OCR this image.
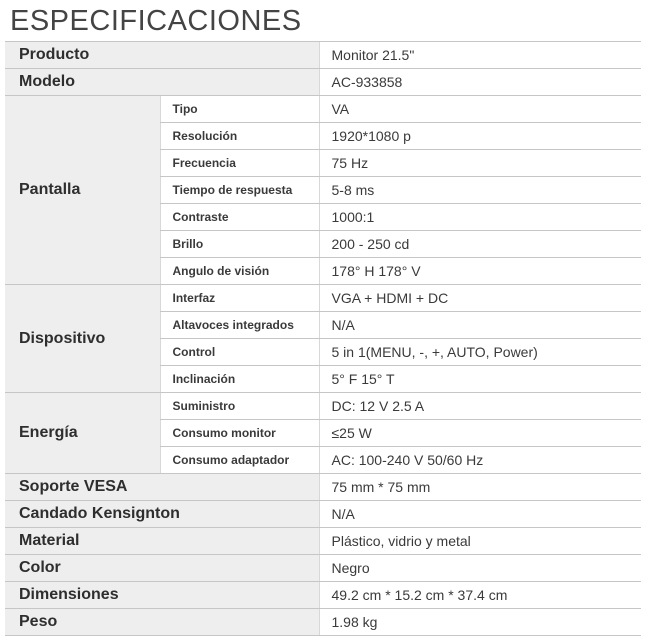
ESPECIFICACIONES
Producto		Monitor 21.5"
Modelo		AC-933858
Pantalla	Tipo	VA
	Resolución	1920*1080 p
	Frecuencia	75 Hz
	Tiempo de respuesta	5-8 ms
	Contraste	1000:1
	Brillo	200 - 250 cd
	Angulo de visión	178° H 178° V
Dispositivo	Interfaz	VGA + HDMI + DC
	Altavoces integrados	N/A
	Control	5 in 1(MENU, -, +, AUTO, Power)
	Inclinación	5° F 15° T
Energía	Suministro	DC: 12 V 2.5 A
	Consumo monitor	≤25 W
	Consumo adaptador	AC: 100-240 V 50/60 Hz
Soporte VESA		75 mm * 75 mm
Candado Kensignton		N/A
Material		Plástico, vidrio y metal
Color		Negro
Dimensiones		49.2 cm * 15.2 cm * 37.4 cm
Peso		1.98 kg
